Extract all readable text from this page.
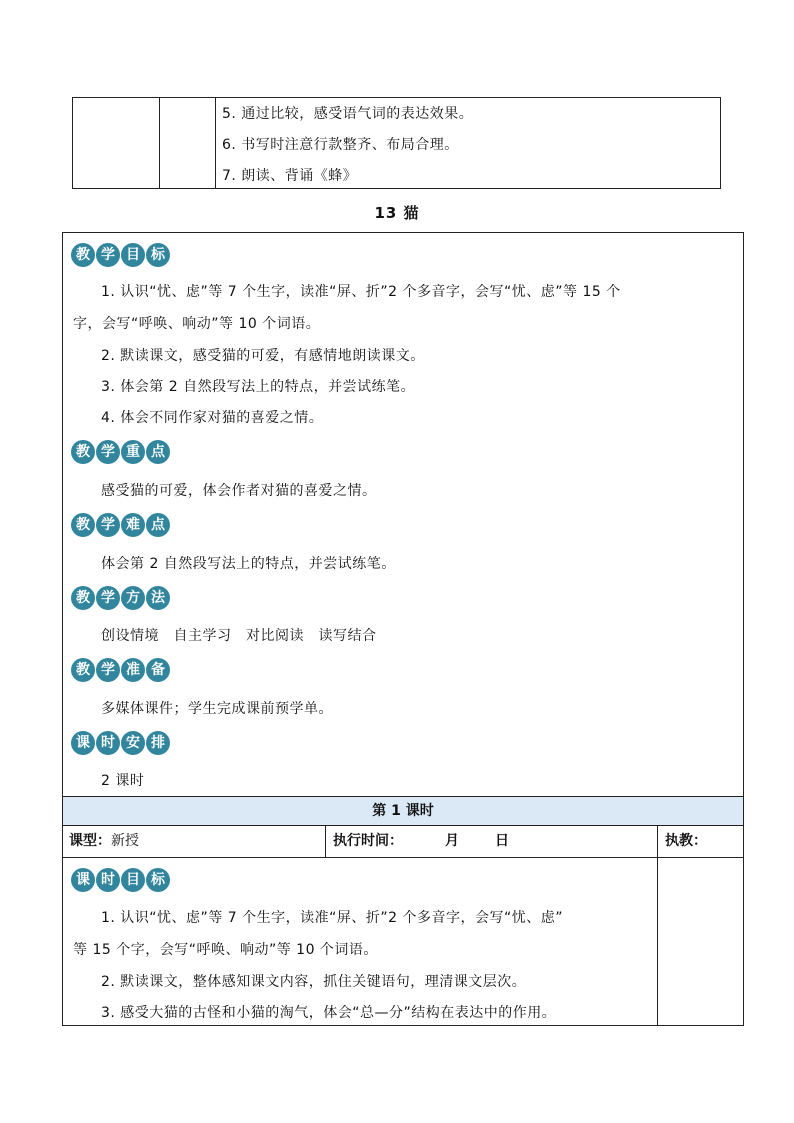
5. 通过比较，感受语气词的表达效果。
6. 书写时注意行款整齐、布局合理。
7. 朗读、背诵《蜂》
13 猫
教 学 目 标
1. 认识“忧、虑”等 7 个生字，读准“屏、折”2 个多音字，会写“忧、虑”等 15 个
字，会写“呼唤、响动”等 10 个词语。
2. 默读课文，感受猫的可爱，有感情地朗读课文。
3. 体会第 2 自然段写法上的特点，并尝试练笔。
4. 体会不同作家对猫的喜爱之情。
教 学 重 点
感受猫的可爱，体会作者对猫的喜爱之情。
教 学 难 点
体会第 2 自然段写法上的特点，并尝试练笔。
教 学 方 法
创设情境　自主学习　对比阅读　读写结合
教 学 准 备
多媒体课件；学生完成课前预学单。
课 时 安 排
2 课时
第 1 课时
课型：新授	执行时间：	月	日	执教：
课 时 目 标
1. 认识“忧、虑”等 7 个生字，读准“屏、折”2 个多音字，会写“忧、虑”
等 15 个字，会写“呼唤、响动”等 10 个词语。
2. 默读课文，整体感知课文内容，抓住关键语句，理清课文层次。
3. 感受大猫的古怪和小猫的淘气，体会“总—分”结构在表达中的作用。
